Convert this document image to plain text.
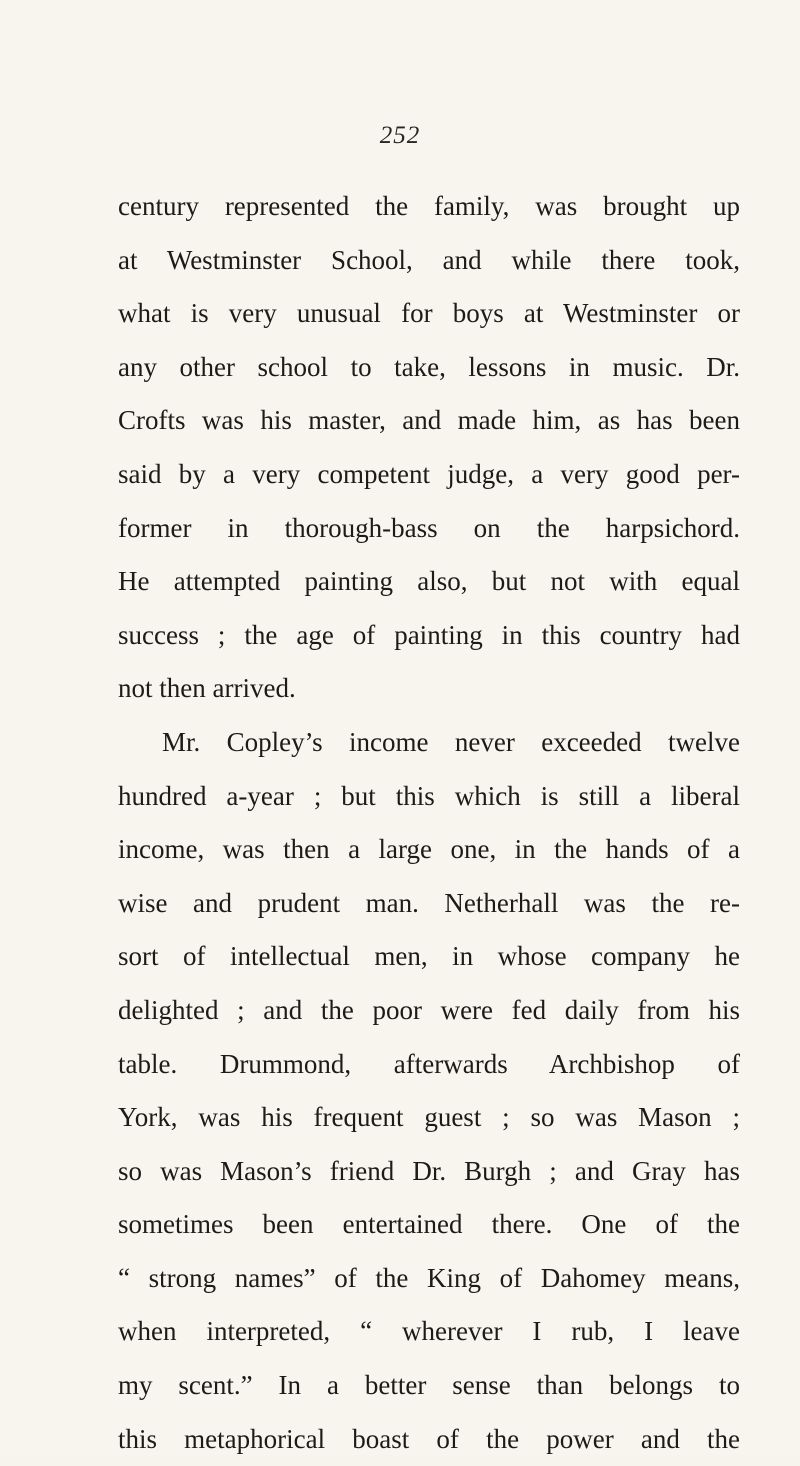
252
century represented the family, was brought up
at Westminster School, and while there took,
what is very unusual for boys at Westminster or
any other school to take, lessons in music. Dr.
Crofts was his master, and made him, as has been
said by a very competent judge, a very good per-
former in thorough-bass on the harpsichord.
He attempted painting also, but not with equal
success ; the age of painting in this country had
not then arrived.
Mr. Copley’s income never exceeded twelve
hundred a-year ; but this which is still a liberal
income, was then a large one, in the hands of a
wise and prudent man. Netherhall was the re-
sort of intellectual men, in whose company he
delighted ; and the poor were fed daily from his
table. Drummond, afterwards Archbishop of
York, was his frequent guest ; so was Mason ;
so was Mason’s friend Dr. Burgh ; and Gray has
sometimes been entertained there. One of the
“ strong names” of the King of Dahomey means,
when interpreted, “ wherever I rub, I leave
my scent.” In a better sense than belongs to
this metaphorical boast of the power and the
